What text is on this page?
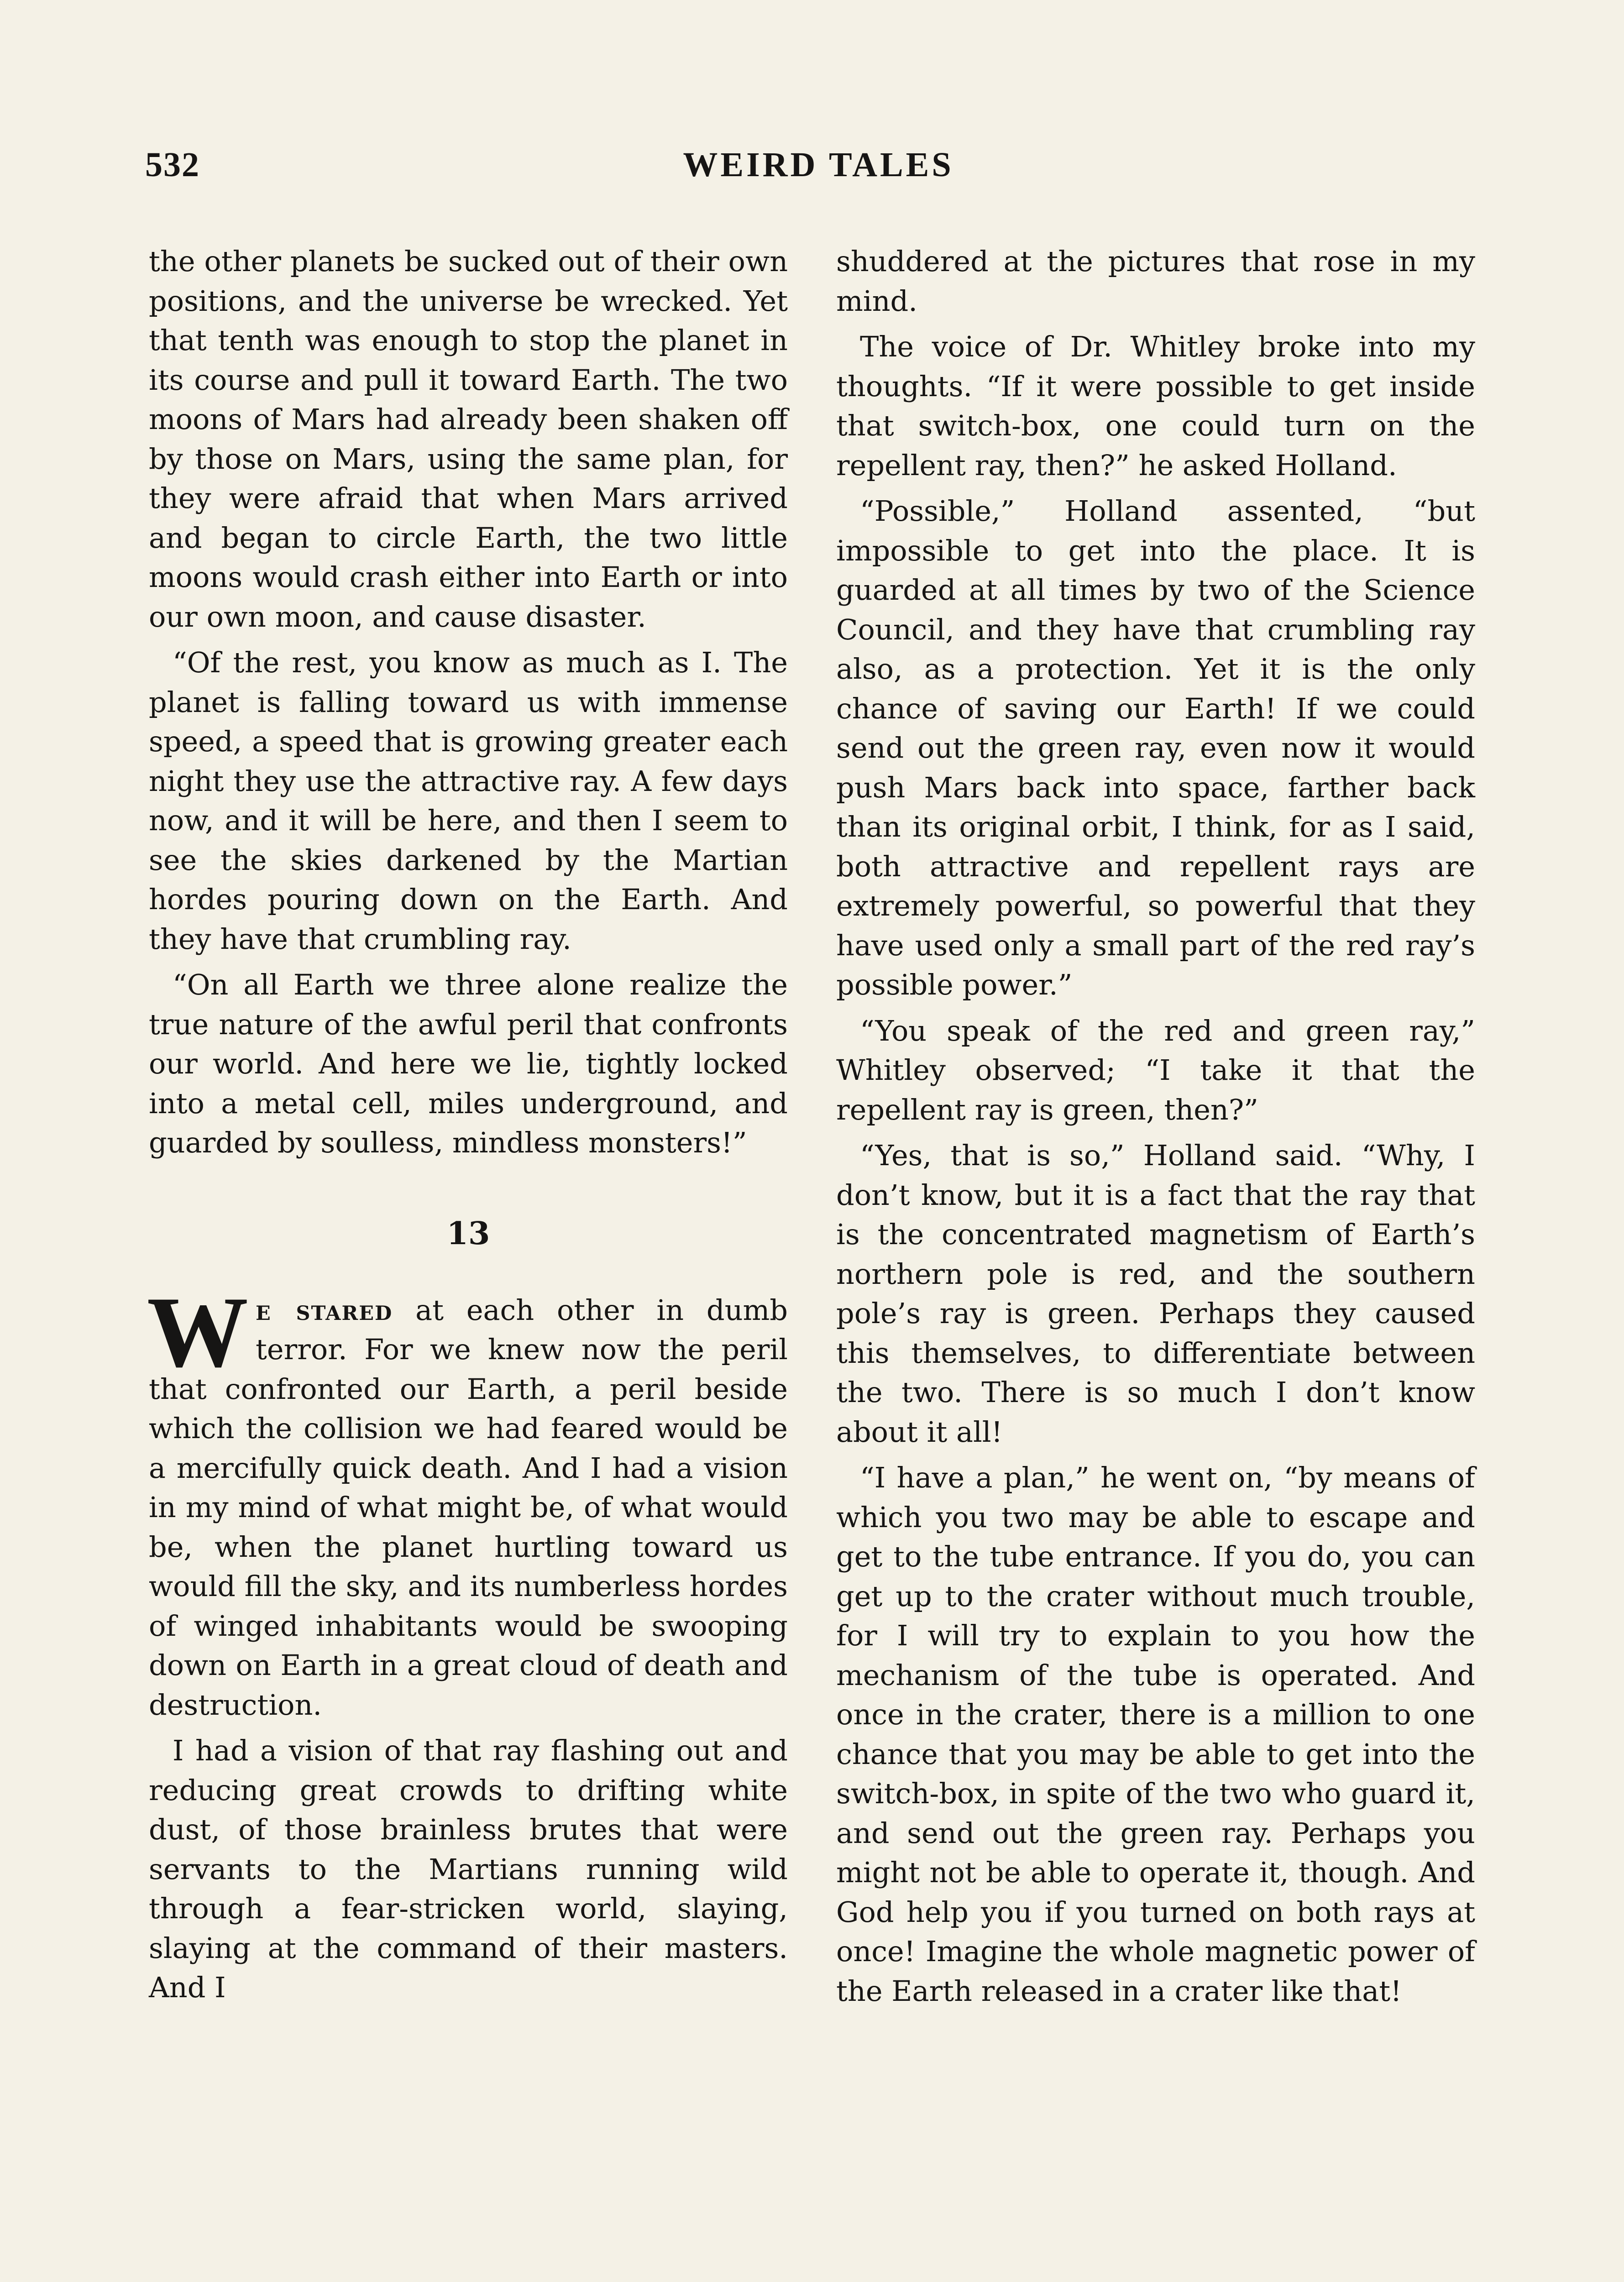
532	WEIRD TALES

the other planets be sucked out of their own positions, and the universe be wrecked. Yet that tenth was enough to stop the planet in its course and pull it toward Earth. The two moons of Mars had already been shaken off by those on Mars, using the same plan, for they were afraid that when Mars arrived and began to circle Earth, the two little moons would crash either into Earth or into our own moon, and cause disaster.

“Of the rest, you know as much as I. The planet is falling toward us with immense speed, a speed that is growing greater each night they use the attractive ray. A few days now, and it will be here, and then I seem to see the skies darkened by the Martian hordes pouring down on the Earth. And they have that crumbling ray.

“On all Earth we three alone realize the true nature of the awful peril that confronts our world. And here we lie, tightly locked into a metal cell, miles underground, and guarded by soulless, mindless monsters!”

13
W e stared at each other in dumb terror. For we knew now the peril that confronted our Earth, a peril beside which the collision we had feared would be a mercifully quick death. And I had a vision in my mind of what might be, of what would be, when the planet hurtling toward us would fill the sky, and its numberless hordes of winged inhabitants would be swooping down on Earth in a great cloud of death and destruction.

I had a vision of that ray flashing out and reducing great crowds to drifting white dust, of those brainless brutes that were servants to the Martians running wild through a fear-stricken world, slaying, slaying at the command of their masters. And I

shuddered at the pictures that rose in my mind.

The voice of Dr. Whitley broke into my thoughts. “If it were possible to get inside that switch-box, one could turn on the repellent ray, then?” he asked Holland.

“Possible,” Holland assented, “but impossible to get into the place. It is guarded at all times by two of the Science Council, and they have that crumbling ray also, as a protection. Yet it is the only chance of saving our Earth! If we could send out the green ray, even now it would push Mars back into space, farther back than its original orbit, I think, for as I said, both attractive and repellent rays are extremely powerful, so powerful that they have used only a small part of the red ray’s possible power.”

“You speak of the red and green ray,” Whitley observed; “I take it that the repellent ray is green, then?”

“Yes, that is so,” Holland said. “Why, I don’t know, but it is a fact that the ray that is the concentrated magnetism of Earth’s northern pole is red, and the southern pole’s ray is green. Perhaps they caused this themselves, to differentiate between the two. There is so much I don’t know about it all!

“I have a plan,” he went on, “by means of which you two may be able to escape and get to the tube entrance. If you do, you can get up to the crater without much trouble, for I will try to explain to you how the mechanism of the tube is operated. And once in the crater, there is a million to one chance that you may be able to get into the switch-box, in spite of the two who guard it, and send out the green ray. Perhaps you might not be able to operate it, though. And God help you if you turned on both rays at once! Imagine the whole magnetic power of the Earth released in a crater like that!
